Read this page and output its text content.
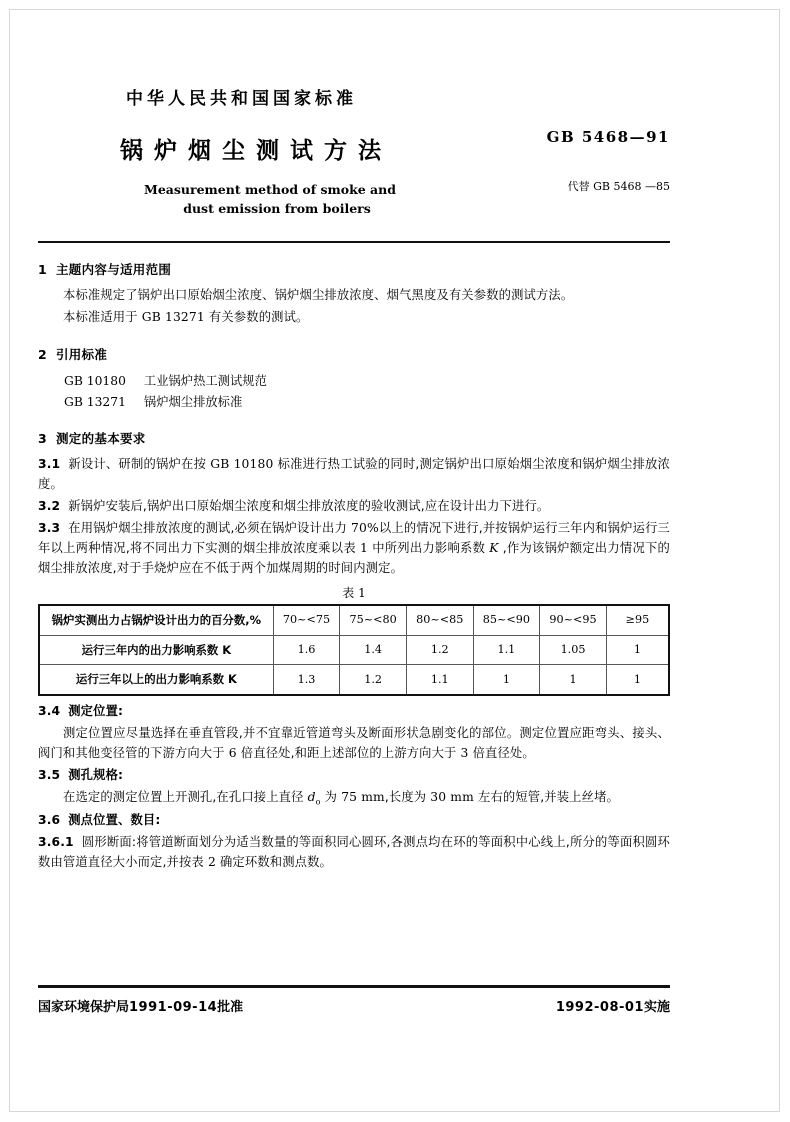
中华人民共和国国家标准
锅炉烟尘测试方法
Measurement method of smoke and
dust emission from boilers
GB 5468—91
代替 GB 5468 —85
1 主题内容与适用范围

本标准规定了锅炉出口原始烟尘浓度、锅炉烟尘排放浓度、烟气黑度及有关参数的测试方法。

本标准适用于 GB 13271 有关参数的测试。

2 引用标准
GB 10180 工业锅炉热工测试规范
GB 13271 锅炉烟尘排放标准
3 测定的基本要求

3.1 新设计、研制的锅炉在按 GB 10180 标准进行热工试验的同时,测定锅炉出口原始烟尘浓度和锅炉烟尘排放浓度。

3.2 新锅炉安装后,锅炉出口原始烟尘浓度和烟尘排放浓度的验收测试,应在设计出力下进行。

3.3 在用锅炉烟尘排放浓度的测试,必须在锅炉设计出力 70%以上的情况下进行,并按锅炉运行三年内和锅炉运行三年以上两种情况,将不同出力下实测的烟尘排放浓度乘以表 1 中所列出力影响系数 K ,作为该锅炉额定出力情况下的烟尘排放浓度,对于手烧炉应在不低于两个加煤周期的时间内测定。

表 1
锅炉实测出力占锅炉设计出力的百分数,%	70~<75	75~<80	80~<85	85~<90	90~<95	≥95
运行三年内的出力影响系数 K	1.6	1.4	1.2	1.1	1.05	1
运行三年以上的出力影响系数 K	1.3	1.2	1.1	1	1	1

3.4 测定位置:

测定位置应尽量选择在垂直管段,并不宜靠近管道弯头及断面形状急剧变化的部位。测定位置应距弯头、接头、阀门和其他变径管的下游方向大于 6 倍直径处,和距上述部位的上游方向大于 3 倍直径处。

3.5 测孔规格:

在选定的测定位置上开测孔,在孔口接上直径 $d_o$ 为 75 mm,长度为 30 mm 左右的短管,并装上丝堵。

3.6 测点位置、数目:

3.6.1 圆形断面:将管道断面划分为适当数量的等面积同心圆环,各测点均在环的等面积中心线上,所分的等面积圆环数由管道直径大小而定,并按表 2 确定环数和测点数。

国家环境保护局1991-09-14批准	1992-08-01实施
